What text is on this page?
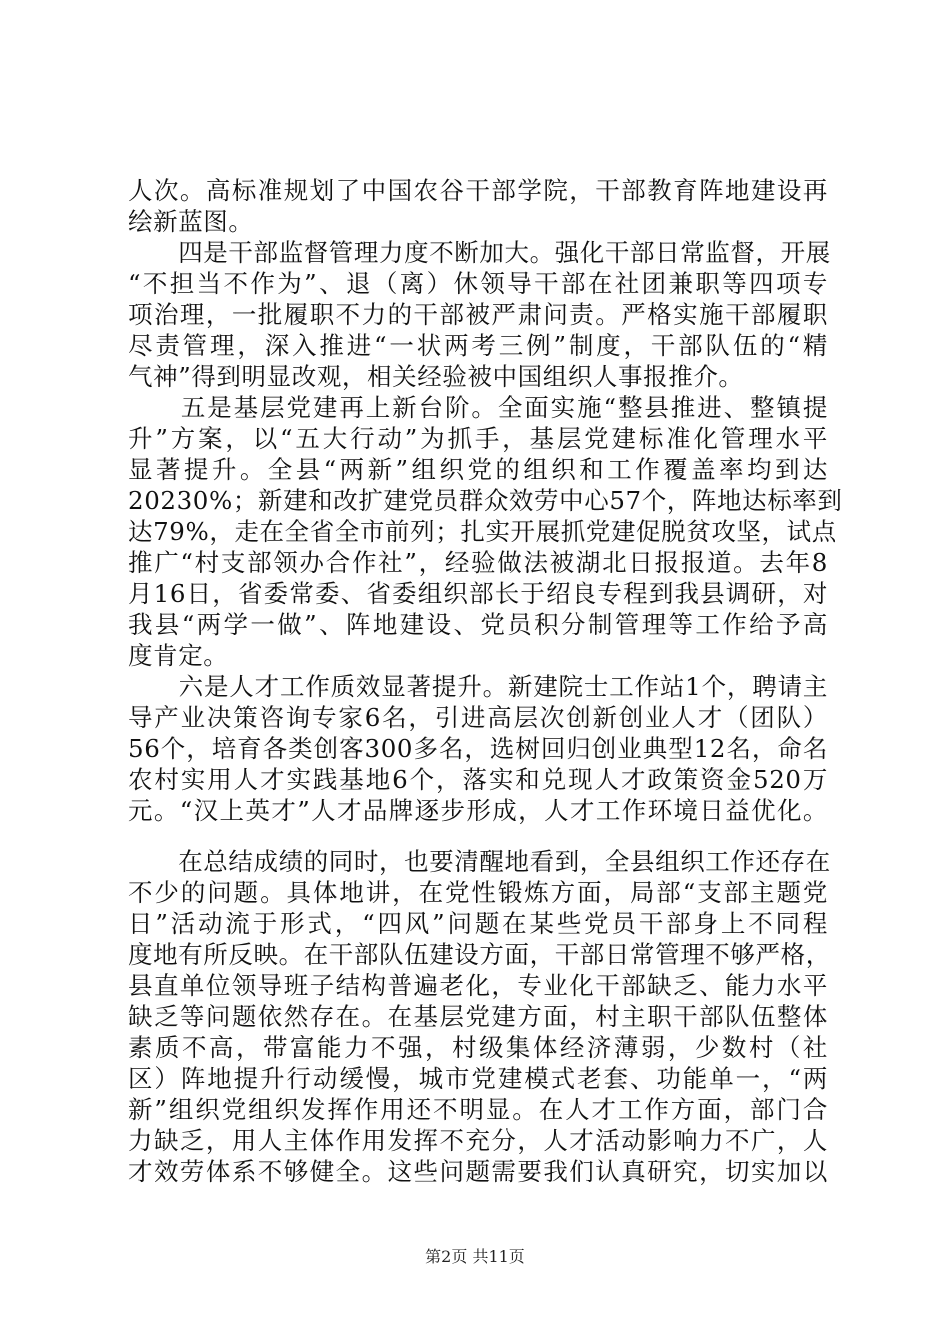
人次。高标准规划了中国农谷干部学院，干部教育阵地建设再
绘新蓝图。
　　四是干部监督管理力度不断加大。强化干部日常监督，开展
“不担当不作为”、退（离）休领导干部在社团兼职等四项专
项治理，一批履职不力的干部被严肃问责。严格实施干部履职
尽责管理，深入推进“一状两考三例”制度，干部队伍的“精
气神”得到明显改观，相关经验被中国组织人事报推介。
　　五是基层党建再上新台阶。全面实施“整县推进、整镇提
升”方案，以“五大行动”为抓手，基层党建标准化管理水平
显著提升。全县“两新”组织党的组织和工作覆盖率均到达
20230%；新建和改扩建党员群众效劳中心57个，阵地达标率到
达79%，走在全省全市前列；扎实开展抓党建促脱贫攻坚，试点
推广“村支部领办合作社”，经验做法被湖北日报报道。去年8
月16日，省委常委、省委组织部长于绍良专程到我县调研，对
我县“两学一做”、阵地建设、党员积分制管理等工作给予高
度肯定。
　　六是人才工作质效显著提升。新建院士工作站1个，聘请主
导产业决策咨询专家6名，引进高层次创新创业人才（团队）
56个，培育各类创客300多名，选树回归创业典型12名，命名
农村实用人才实践基地6个，落实和兑现人才政策资金520万
元。“汉上英才”人才品牌逐步形成，人才工作环境日益优化。
　　在总结成绩的同时，也要清醒地看到，全县组织工作还存在
不少的问题。具体地讲，在党性锻炼方面，局部“支部主题党
日”活动流于形式，“四风”问题在某些党员干部身上不同程
度地有所反映。在干部队伍建设方面，干部日常管理不够严格，
县直单位领导班子结构普遍老化，专业化干部缺乏、能力水平
缺乏等问题依然存在。在基层党建方面，村主职干部队伍整体
素质不高，带富能力不强，村级集体经济薄弱，少数村（社
区）阵地提升行动缓慢，城市党建模式老套、功能单一，“两
新”组织党组织发挥作用还不明显。在人才工作方面，部门合
力缺乏，用人主体作用发挥不充分，人才活动影响力不广，人
才效劳体系不够健全。这些问题需要我们认真研究，切实加以
第2页 共11页
